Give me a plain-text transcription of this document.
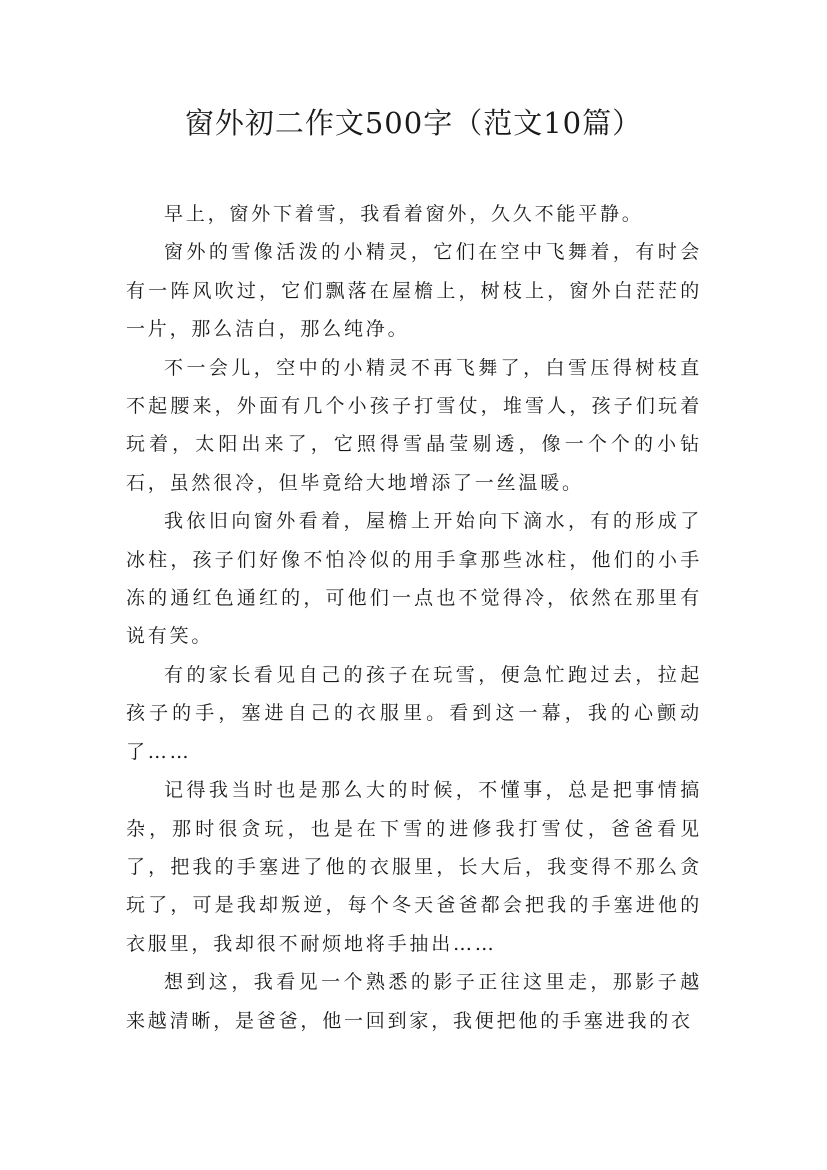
窗外初二作文500字（范文10篇）

早上，窗外下着雪，我看着窗外，久久不能平静。

窗外的雪像活泼的小精灵，它们在空中飞舞着，有时会有一阵风吹过，它们飘落在屋檐上，树枝上，窗外白茫茫的一片，那么洁白，那么纯净。

不一会儿，空中的小精灵不再飞舞了，白雪压得树枝直不起腰来，外面有几个小孩子打雪仗，堆雪人，孩子们玩着玩着，太阳出来了，它照得雪晶莹剔透，像一个个的小钻石，虽然很冷，但毕竟给大地增添了一丝温暖。

我依旧向窗外看着，屋檐上开始向下滴水，有的形成了冰柱，孩子们好像不怕冷似的用手拿那些冰柱，他们的小手冻的通红色通红的，可他们一点也不觉得冷，依然在那里有说有笑。

有的家长看见自己的孩子在玩雪，便急忙跑过去，拉起孩子的手，塞进自己的衣服里。看到这一幕，我的心颤动了……

记得我当时也是那么大的时候，不懂事，总是把事情搞杂，那时很贪玩，也是在下雪的进修我打雪仗，爸爸看见了，把我的手塞进了他的衣服里，长大后，我变得不那么贪玩了，可是我却叛逆，每个冬天爸爸都会把我的手塞进他的衣服里，我却很不耐烦地将手抽出……

想到这，我看见一个熟悉的影子正往这里走，那影子越来越清晰，是爸爸，他一回到家，我便把他的手塞进我的衣
